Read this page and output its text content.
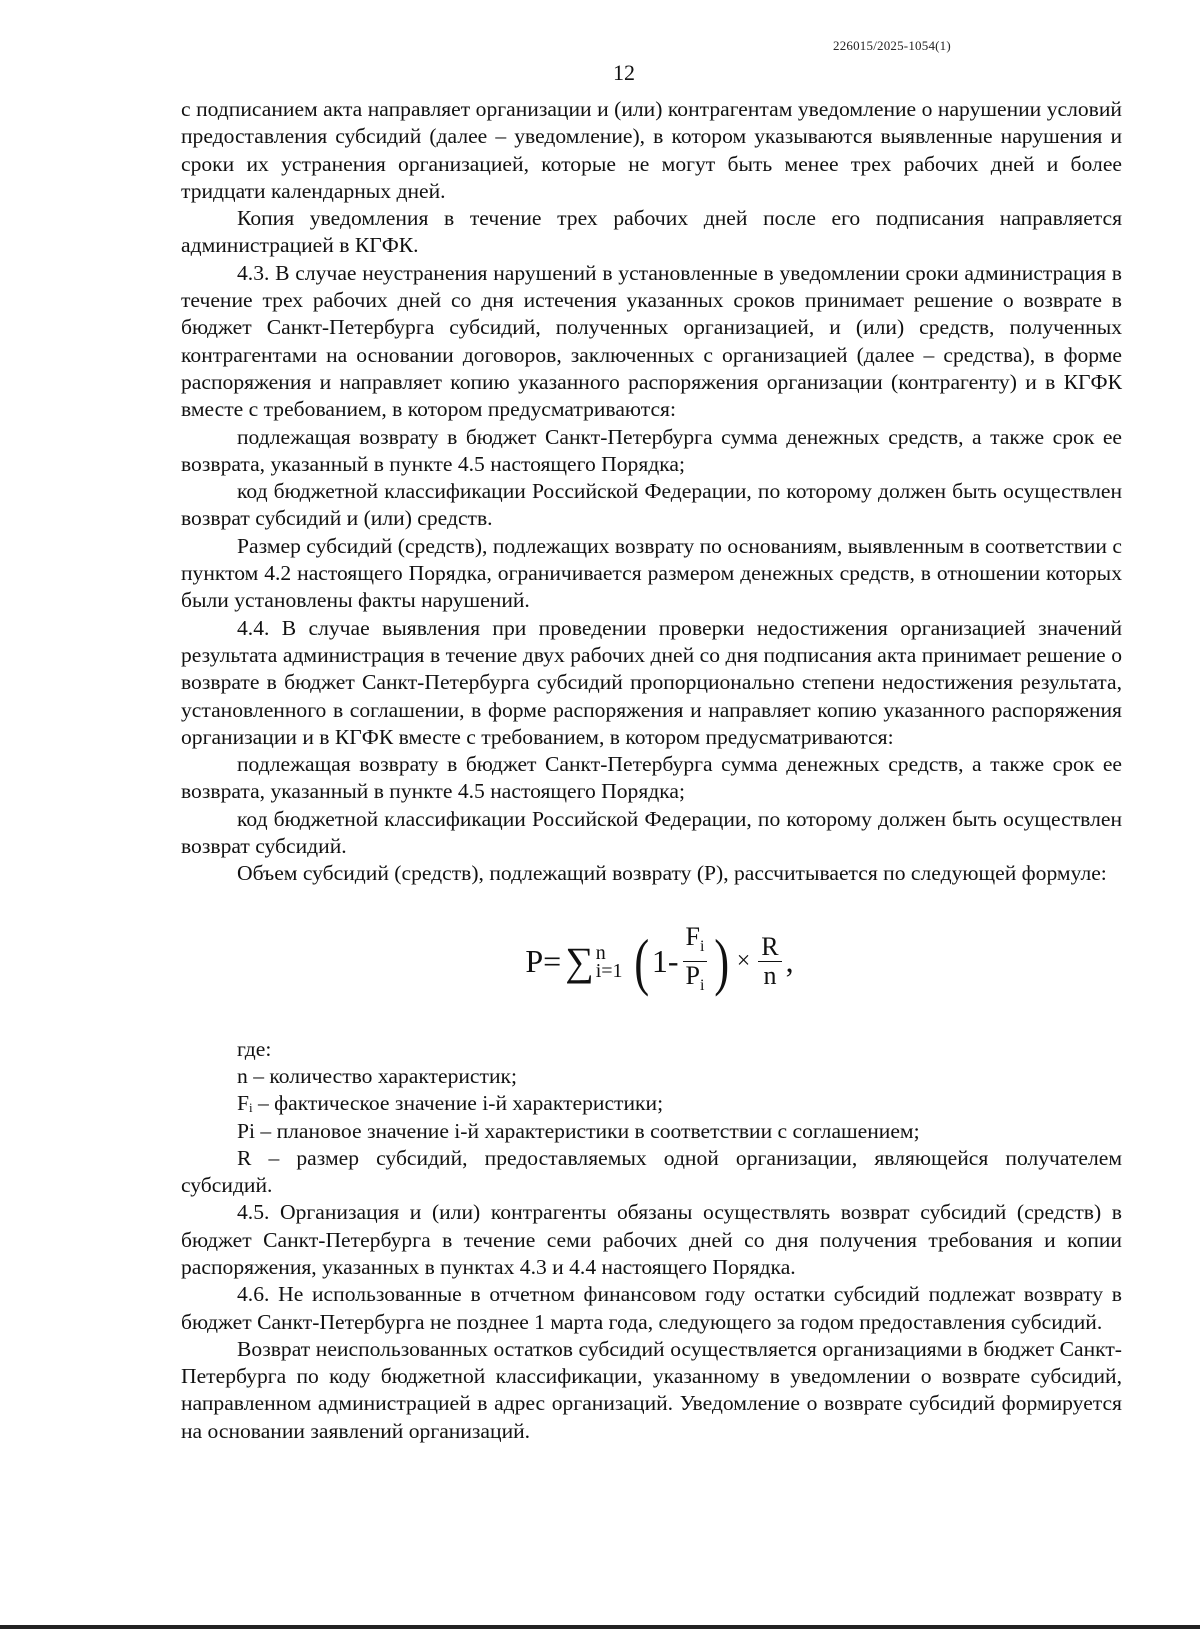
226015/2025-1054(1)
12

с подписанием акта направляет организации и (или) контрагентам уведомление о нарушении условий предоставления субсидий (далее – уведомление), в котором указываются выявленные нарушения и сроки их устранения организацией, которые не могут быть менее трех рабочих дней и более тридцати календарных дней.

Копия уведомления в течение трех рабочих дней после его подписания направляется администрацией в КГФК.

4.3. В случае неустранения нарушений в установленные в уведомлении сроки администрация в течение трех рабочих дней со дня истечения указанных сроков принимает решение о возврате в бюджет Санкт-Петербурга субсидий, полученных организацией, и (или) средств, полученных контрагентами на основании договоров, заключенных с организацией (далее – средства), в форме распоряжения и направляет копию указанного распоряжения организации (контрагенту) и в КГФК вместе с требованием, в котором предусматриваются:

подлежащая возврату в бюджет Санкт-Петербурга сумма денежных средств, а также срок ее возврата, указанный в пункте 4.5 настоящего Порядка;

код бюджетной классификации Российской Федерации, по которому должен быть осуществлен возврат субсидий и (или) средств.

Размер субсидий (средств), подлежащих возврату по основаниям, выявленным в соответствии с пунктом 4.2 настоящего Порядка, ограничивается размером денежных средств, в отношении которых были установлены факты нарушений.

4.4. В случае выявления при проведении проверки недостижения организацией значений результата администрация в течение двух рабочих дней со дня подписания акта принимает решение о возврате в бюджет Санкт-Петербурга субсидий пропорционально степени недостижения результата, установленного в соглашении, в форме распоряжения и направляет копию указанного распоряжения организации и в КГФК вместе с требованием, в котором предусматриваются:

подлежащая возврату в бюджет Санкт-Петербурга сумма денежных средств, а также срок ее возврата, указанный в пункте 4.5 настоящего Порядка;

код бюджетной классификации Российской Федерации, по которому должен быть осуществлен возврат субсидий.

Объем субсидий (средств), подлежащий возврату (Р), рассчитывается по следующей формуле:

P= ∑ n
i=1 ( $1- \frac{F_i}{P_i}$ ) × $\frac{R}{n}$ ,

где:

n – количество характеристик;

Fᵢ – фактическое значение i-й характеристики;

Pi – плановое значение i-й характеристики в соответствии с соглашением;

R – размер субсидий, предоставляемых одной организации, являющейся получателем субсидий.

4.5. Организация и (или) контрагенты обязаны осуществлять возврат субсидий (средств) в бюджет Санкт-Петербурга в течение семи рабочих дней со дня получения требования и копии распоряжения, указанных в пунктах 4.3 и 4.4 настоящего Порядка.

4.6. Не использованные в отчетном финансовом году остатки субсидий подлежат возврату в бюджет Санкт-Петербурга не позднее 1 марта года, следующего за годом предоставления субсидий.

Возврат неиспользованных остатков субсидий осуществляется организациями в бюджет Санкт-Петербурга по коду бюджетной классификации, указанному в уведомлении о возврате субсидий, направленном администрацией в адрес организаций. Уведомление о возврате субсидий формируется на основании заявлений организаций.
